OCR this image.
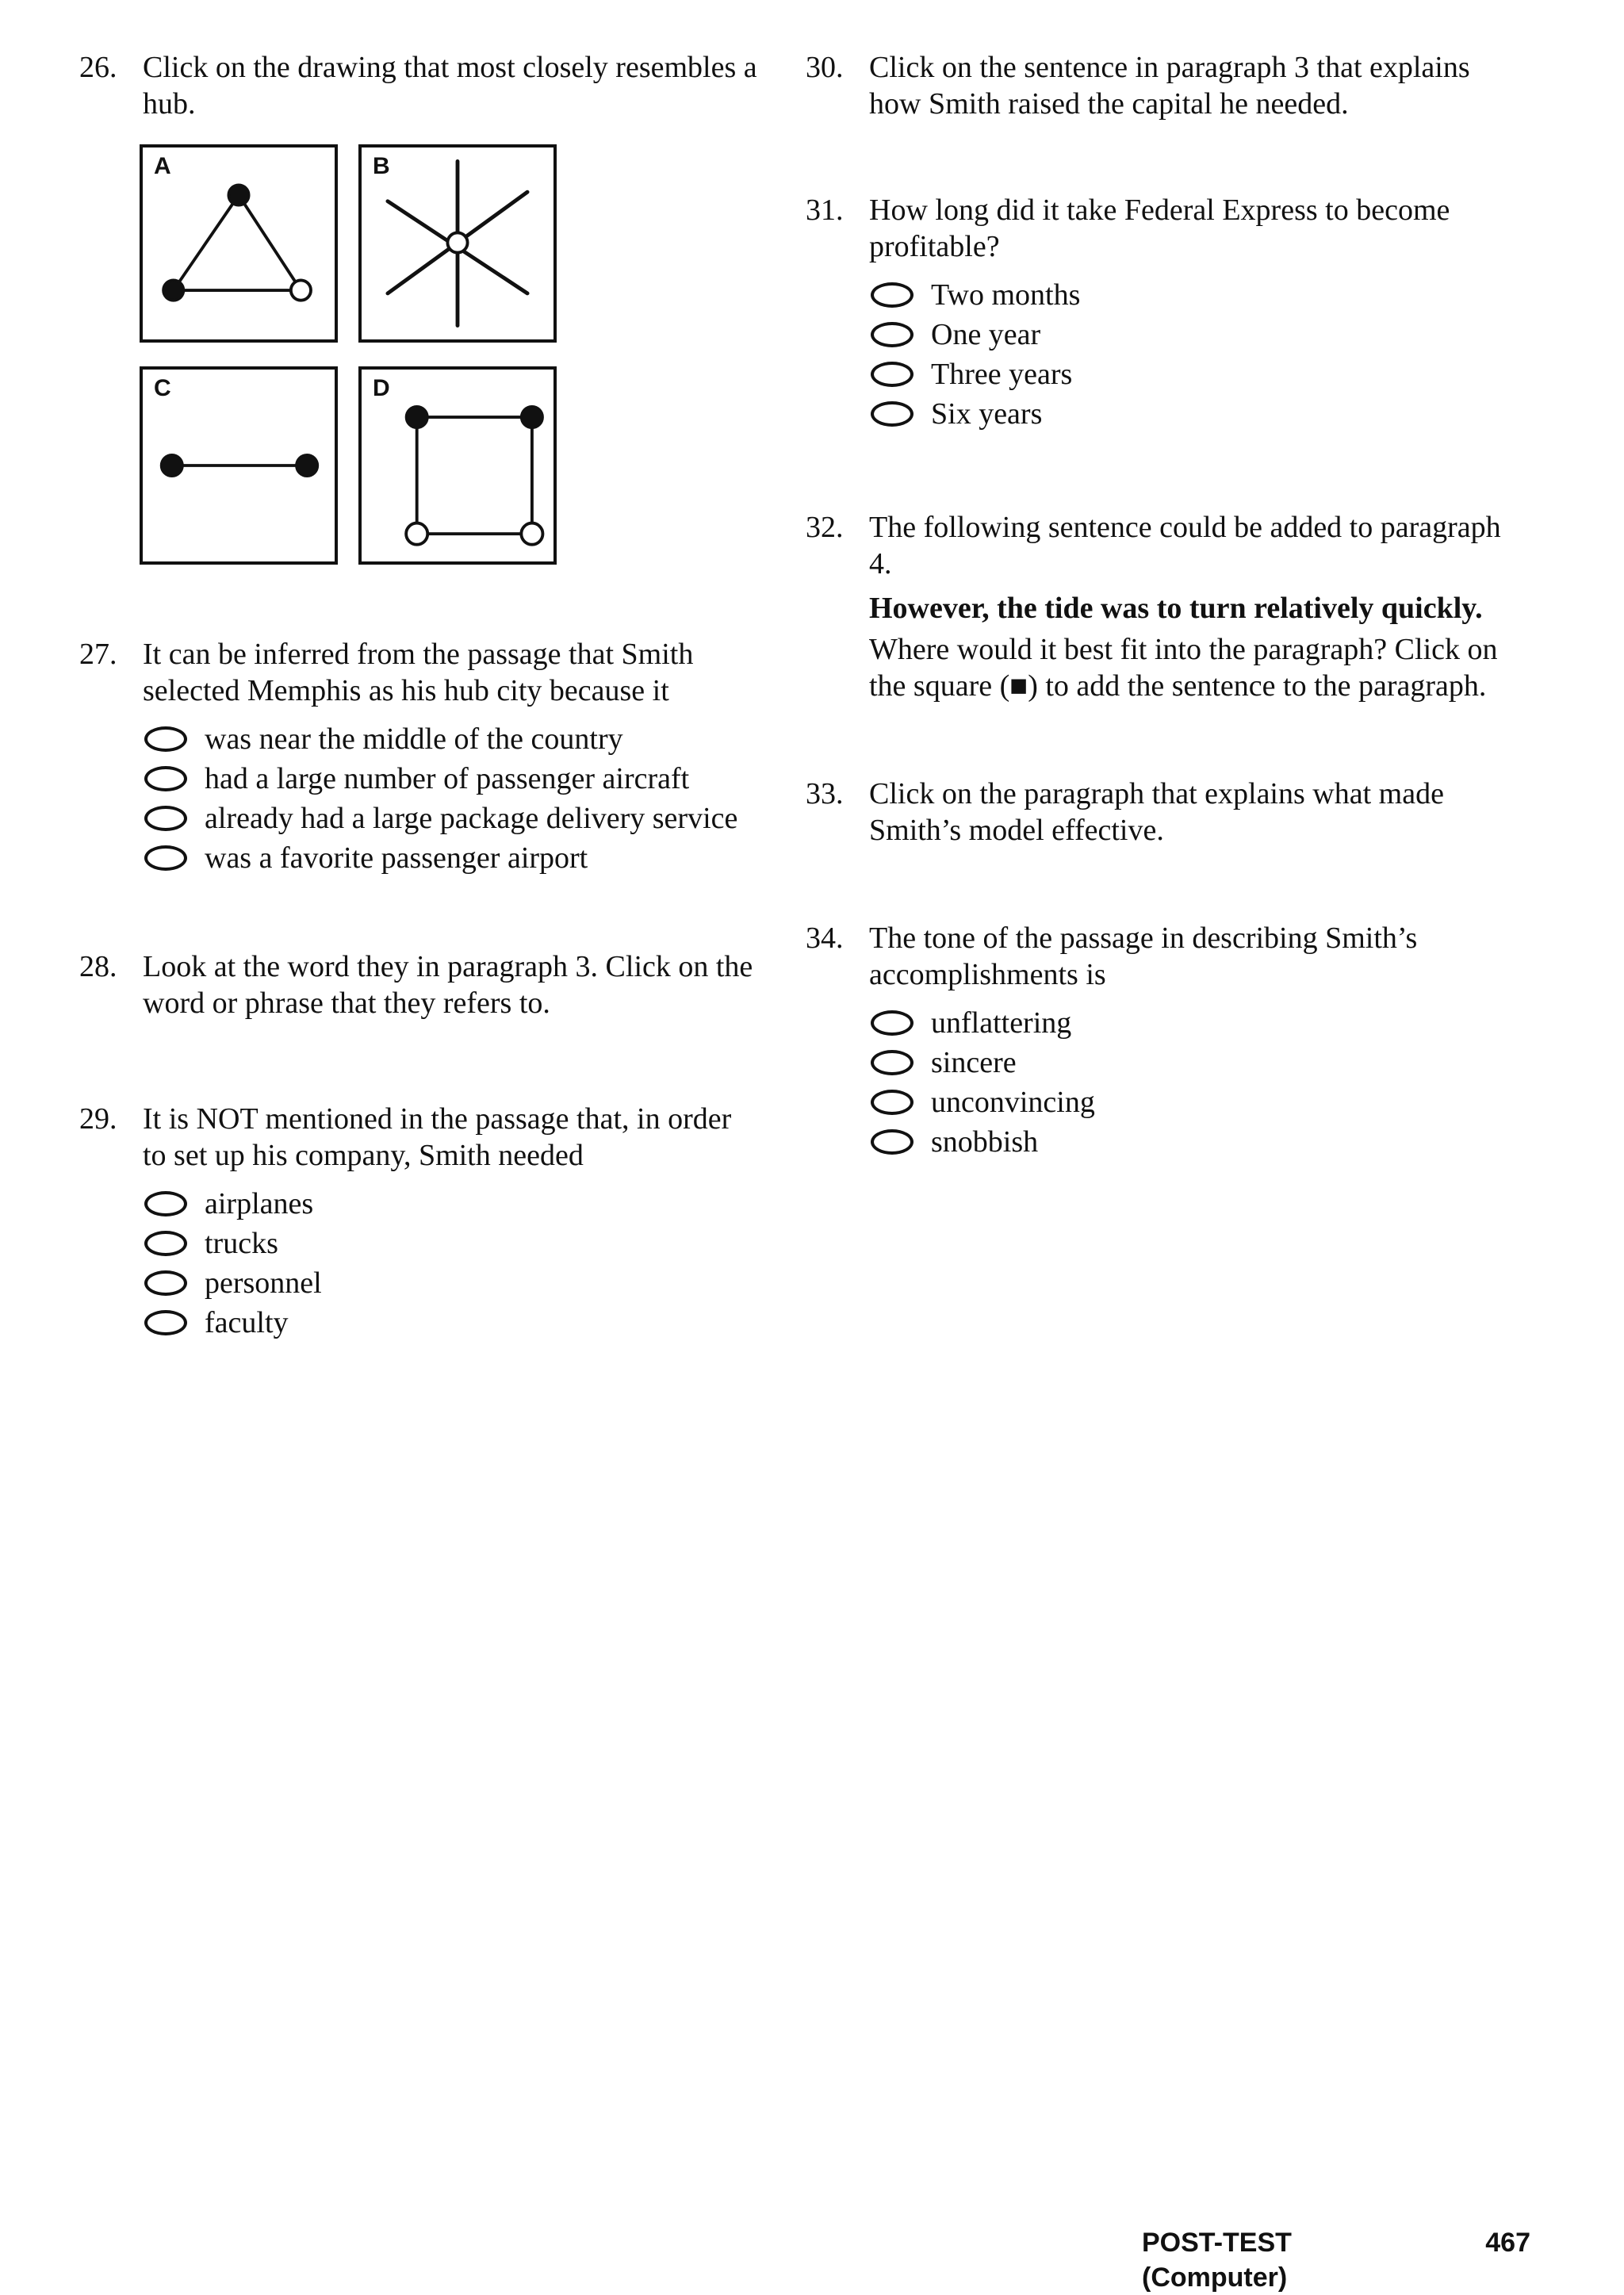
26. Click on the drawing that most closely resembles a hub.

A	B
C	D
27. It can be inferred from the passage that Smith selected Memphis as his hub city because it

was near the middle of the country
had a large number of passenger aircraft
already had a large package delivery service
was a favorite passenger airport
28. Look at the word they in paragraph 3. Click on the word or phrase that they refers to.

29. It is NOT mentioned in the passage that, in order to set up his company, Smith needed

airplanes
trucks
personnel
faculty
30. Click on the sentence in paragraph 3 that explains how Smith raised the capital he needed.

31. How long did it take Federal Express to become profitable?

Two months
One year
Three years
Six years
32. The following sentence could be added to paragraph 4.

However, the tide was to turn relatively quickly.

Where would it best fit into the paragraph? Click on the square (■) to add the sentence to the paragraph.

33. Click on the paragraph that explains what made Smith’s model effective.

34. The tone of the passage in describing Smith’s accomplishments is

unflattering
sincere
unconvincing
snobbish
POST-TEST (Computer)
467
